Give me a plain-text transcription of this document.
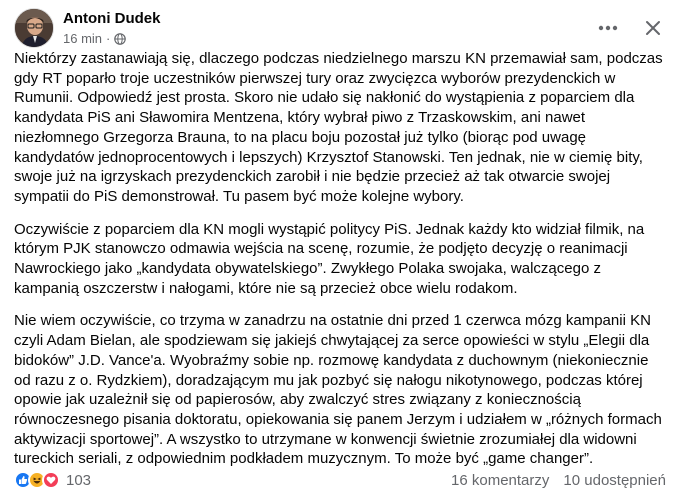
Antoni Dudek
16 min ·

Niektórzy zastanawiają się, dlaczego podczas niedzielnego marszu KN przemawiał sam, podczas gdy RT poparło troje uczestników pierwszej tury oraz zwycięzca wyborów prezydenckich w Rumunii. Odpowiedź jest prosta. Skoro nie udało się nakłonić do wystąpienia z poparciem dla kandydata PiS ani Sławomira Mentzena, który wybrał piwo z Trzaskowskim, ani nawet niezłomnego Grzegorza Brauna, to na placu boju pozostał już tylko (biorąc pod uwagę kandydatów jednoprocentowych i lepszych) Krzysztof Stanowski. Ten jednak, nie w ciemię bity, swoje już na igrzyskach prezydenckich zarobił i nie będzie przecież aż tak otwarcie swojej sympatii do PiS demonstrował. Tu pasem być może kolejne wybory.

Oczywiście z poparciem dla KN mogli wystąpić politycy PiS. Jednak każdy kto widział filmik, na którym PJK stanowczo odmawia wejścia na scenę, rozumie, że podjęto decyzję o reanimacji Nawrockiego jako „kandydata obywatelskiego”. Zwykłego Polaka swojaka, walczącego z kampanią oszczerstw i nałogami, które nie są przecież obce wielu rodakom.

Nie wiem oczywiście, co trzyma w zanadrzu na ostatnie dni przed 1 czerwca mózg kampanii KN czyli Adam Bielan, ale spodziewam się jakiejś chwytającej za serce opowieści w stylu „Elegii dla bidoków” J.D. Vance'a. Wyobraźmy sobie np. rozmowę kandydata z duchownym (niekoniecznie od razu z o. Rydzkiem), doradzającym mu jak pozbyć się nałogu nikotynowego, podczas której opowie jak uzależnił się od papierosów, aby zwalczyć stres związany z koniecznością równoczesnego pisania doktoratu, opiekowania się panem Jerzym i udziałem w „różnych formach aktywizacji sportowej”. A wszystko to utrzymane w konwencji świetnie zrozumiałej dla widowni tureckich seriali, z odpowiednim podkładem muzycznym. To może być „game changer”.

103	16 komentarzy 10 udostępnień
